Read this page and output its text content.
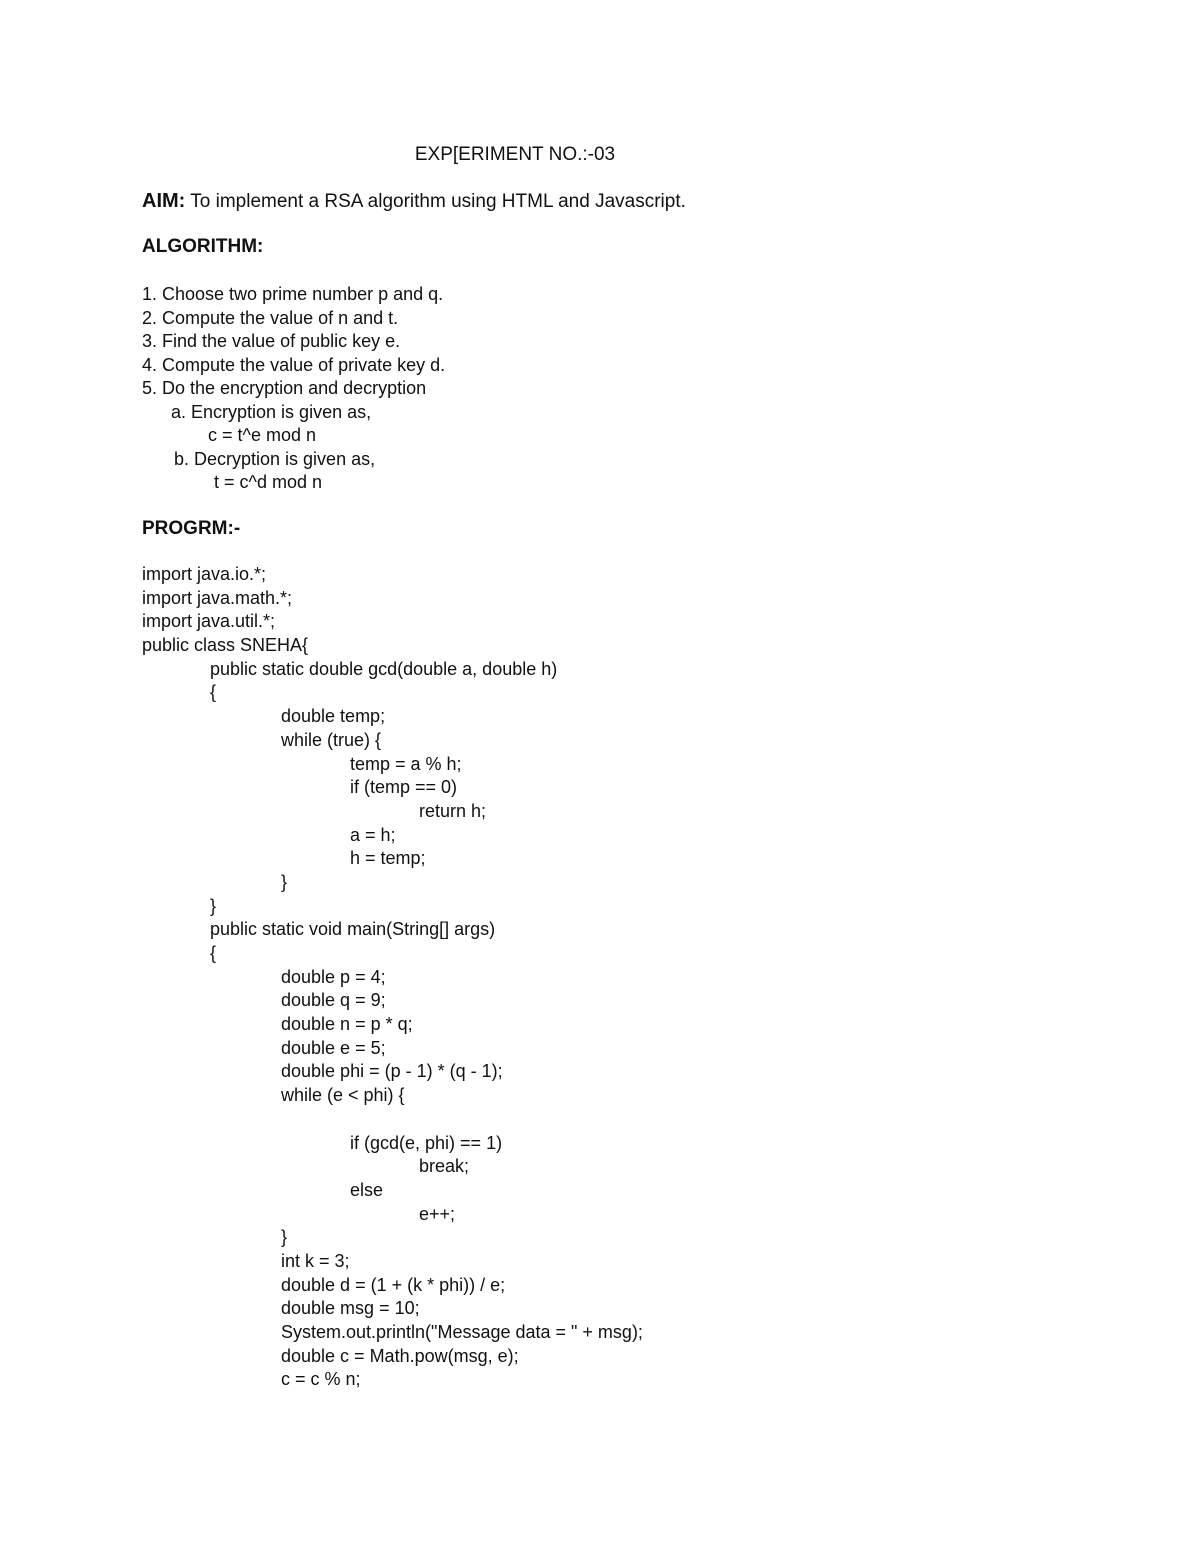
EXP[ERIMENT NO.:-03
AIM: To implement a RSA algorithm using HTML and Javascript.
ALGORITHM:
1. Choose two prime number p and q.
2. Compute the value of n and t.
3. Find the value of public key e.
4. Compute the value of private key d.
5. Do the encryption and decryption
a. Encryption is given as,
c = t^e mod n
b. Decryption is given as,
t = c^d mod n
PROGRM:-
import java.io.*;
import java.math.*;
import java.util.*;
public class SNEHA{
public static double gcd(double a, double h)
{
double temp;
while (true) {
temp = a % h;
if (temp == 0)
return h;
a = h;
h = temp;
}
}
public static void main(String[] args)
{
double p = 4;
double q = 9;
double n = p * q;
double e = 5;
double phi = (p - 1) * (q - 1);
while (e < phi) {
if (gcd(e, phi) == 1)
break;
else
e++;
}
int k = 3;
double d = (1 + (k * phi)) / e;
double msg = 10;
System.out.println("Message data = " + msg);
double c = Math.pow(msg, e);
c = c % n;
